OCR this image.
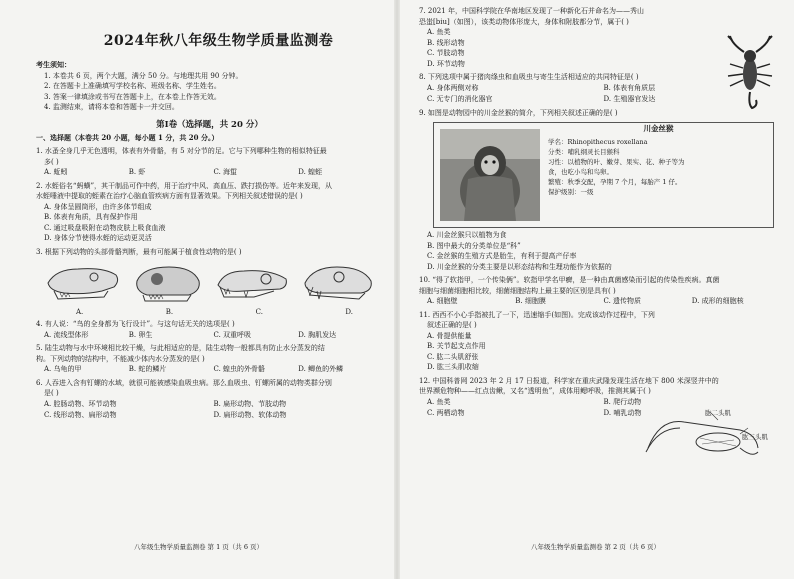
2024年秋八年级生物学质量监测卷
考生须知：
1. 本卷共 6 页，两个大题，满分 50 分。与地理共用 90 分钟。
2. 在答题卡上准确填写学校名称、班级名称、学生姓名。
3. 答案一律填涂或书写在答题卡上，在本卷上作答无效。
4. 监测结束，请将本卷和答题卡一并交回。
第Ⅰ卷（选择题，共 20 分）
一、选择题（本卷共 20 小题，每小题 1 分，共 20 分。）
1. 水蚤全身几乎无色透明，体表有外骨骼，有 5 对分节的足。它与下列哪种生物的相似特征最
多( )
A. 蚯蚓	B. 虾	C. 海蜇	D. 蝗蛭
2. 水蛭俗名“蚂蟥”，其干制品可作中药，用于治疗中风、高血压、跌打损伤等。近年来发现，从
水蛭唾液中提取的蛭素在治疗心脑血管疾病方面有显著效果。下列相关叙述错误的是( )
A. 身体呈圆筒形，由许多体节组成
B. 体表有角质，具有保护作用
C. 通过吸盘吸附在动物皮肤上吸食血液
D. 身体分节使得水蛭的运动更灵活
3. 根据下列动物的头部骨骼判断，最有可能属于植食性动物的是( )
A.	B.	C.	D.
4. 有人说：“鸟的全身都为飞行设计”。与这句话无关的选项是( )
A. 流线型体形	B. 卵生	C. 双重呼吸	D. 胸肌发达
5. 陆生动物与水中环境相比较干燥，与此相适应的是，陆生动物一般都具有防止水分蒸发的结
构。下列动物的结构中，不能减少体内水分蒸发的是( )
A. 乌龟的甲	B. 蛇的鳞片	C. 蝗虫的外骨骼	D. 鲫鱼的外鳞
6. 人吞进入含有钉螺的水域，就很可能被感染血吸虫病。那么血吸虫、钉螺所属的动物类群分别
是( )
A. 腔肠动物、环节动物	B. 扁形动物、节肢动物
C. 线形动物、扁形动物	D. 扁形动物、软体动物
八年级生物学质量监测卷 第 1 页（共 6 页）
7. 2021 年，中国科学院在华南地区发现了一种新化石并命名为——秀山
恐蚩[biu]（如图），该类动物体形庞大，身体和附肢都分节，属于( )
A. 鱼类
B. 线形动物
C. 节肢动物
D. 环节动物
8. 下列选项中属于猪肉绦虫和血吸虫与寄生生活相适应的共同特征是( )
A. 身体两侧对称	B. 体表有角质层
C. 无专门的消化器官	D. 生殖器官发达
9. 如图是动物园中的川金丝猴的简介，下列相关叙述正确的是( )
川金丝猴
学名：Rhinopithecus roxellana
分类：哺乳纲灵长目猴科
习性：以植物的叶、嫩芽、果实、花、种子等为
食，也吃小鸟和鸟卵。
繁殖：秋季交配，孕期 7 个月，每胎产 1 仔。
保护级别：一级
A. 川金丝猴只以植物为食
B. 图中最大的分类单位是“科”
C. 金丝猴的生殖方式是胎生，有利于提高产仔率
D. 川金丝猴的分类主要是以形态结构和生理功能作为依据的
10. “得了软指甲，一个传染俩”。软指甲学名甲癣，是一种由真菌感染而引起的传染性疾病。真菌
细胞与细菌细胞相比较，细菌细胞结构上最主要的区别是具有( )
A. 细胞壁	B. 细胞膜	C. 遗传物质	D. 成形的细胞核
11. 西西不小心手指被扎了一下，迅速缩手(如图)。完成该动作过程中，下列
叙述正确的是( )
A. 骨提供能量
B. 关节起支点作用
C. 肱二头肌舒张
D. 肱三头肌收缩
12. 中国科普网 2023 年 2 月 17 日报道，科学家在重庆武隆发现生活在地下 800 米深竖井中的
世界濒危物种——红点齿鳅，又名“透明鱼”，成体用鳃呼吸，推测其属于( )
A. 鱼类	B. 爬行动物
C. 两栖动物	D. 哺乳动物
八年级生物学质量监测卷 第 2 页（共 6 页）
肱二头肌
肱三头肌
